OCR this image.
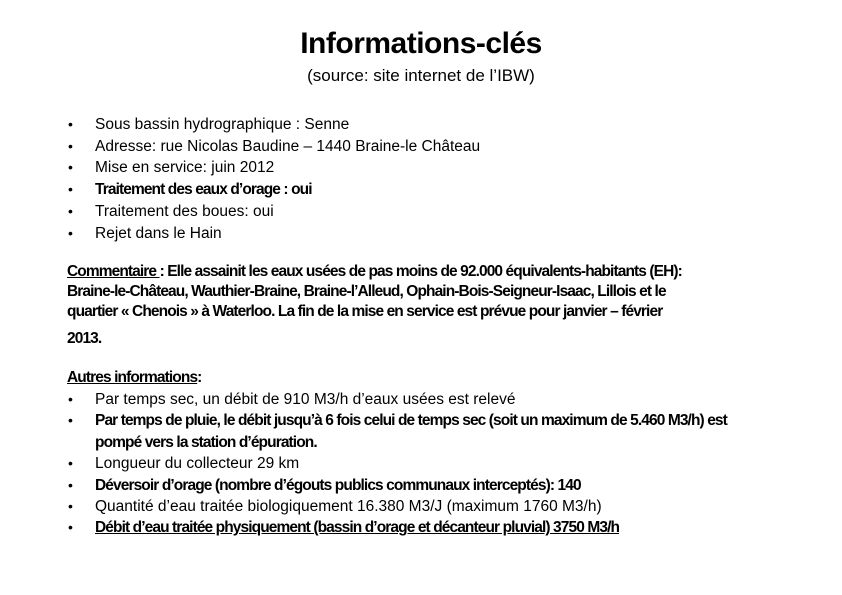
Informations-clés
(source: site internet de l’IBW)
• Sous bassin hydrographique : Senne
• Adresse: rue Nicolas Baudine – 1440 Braine-le Château
• Mise en service: juin 2012
• Traitement des eaux d’orage : oui
• Traitement des boues: oui
• Rejet dans le Hain
Commentaire : Elle assainit les eaux usées de pas moins de 92.000 équivalents-habitants (EH):
Braine-le-Château, Wauthier-Braine, Braine-l’Alleud, Ophain-Bois-Seigneur-Isaac, Lillois et le
quartier « Chenois » à Waterloo. La fin de la mise en service est prévue pour janvier – février
2013.
Autres informations:
• Par temps sec, un débit de 910 M3/h d’eaux usées est relevé
• Par temps de pluie, le débit jusqu’à 6 fois celui de temps sec (soit un maximum de 5.460 M3/h) est pompé vers la station d’épuration.
• Longueur du collecteur 29 km
• Déversoir d’orage (nombre d’égouts publics communaux interceptés): 140
• Quantité d’eau traitée biologiquement 16.380 M3/J (maximum 1760 M3/h)
• Débit d’eau traitée physiquement (bassin d’orage et décanteur pluvial) 3750 M3/h
